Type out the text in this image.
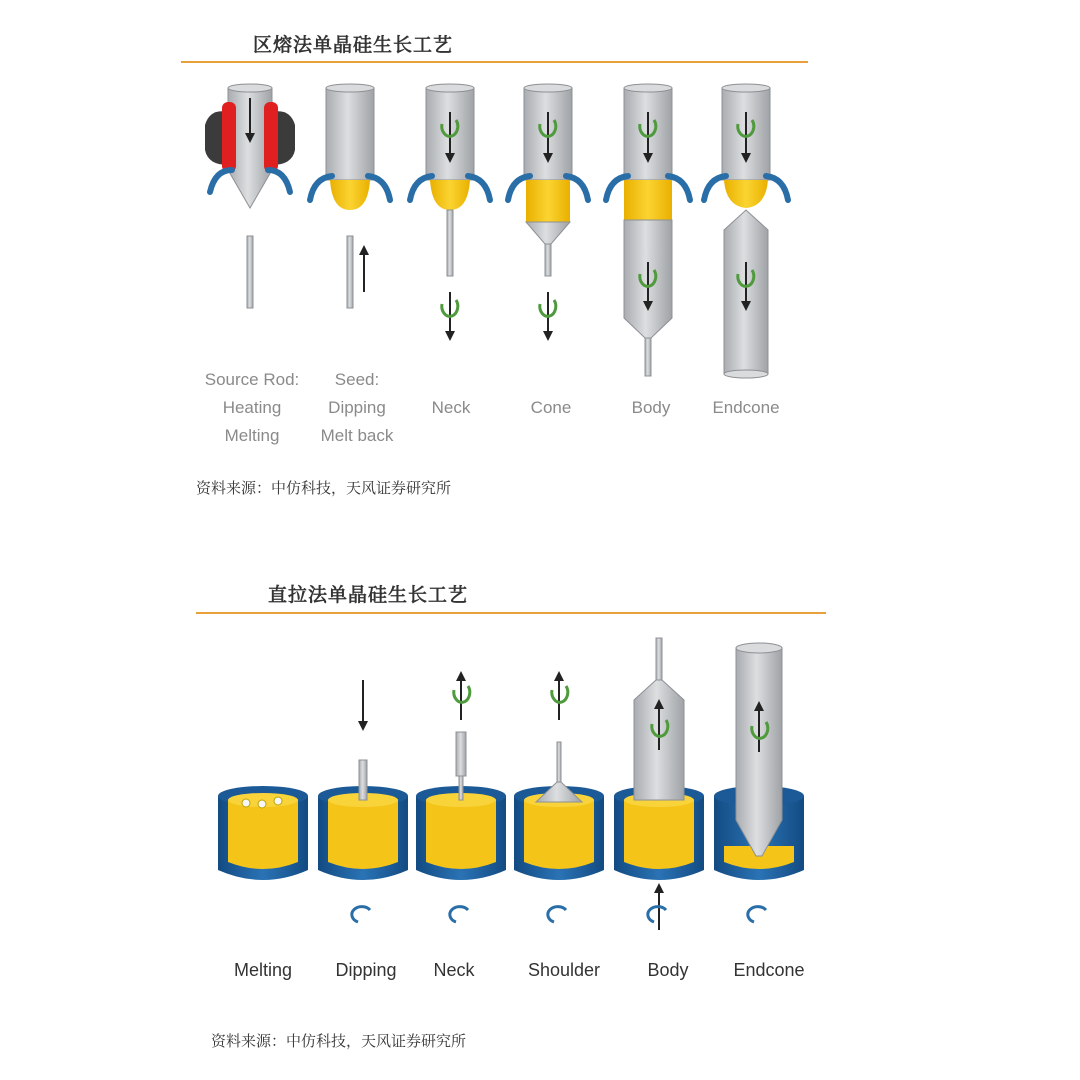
区熔法单晶硅生长工艺
Source Rod:
Heating
Melting
Seed:
Dipping
Melt back
Neck	Cone	Body Endcone
资料来源：中仿科技，天风证券研究所
直拉法单晶硅生长工艺
Melting Dipping Neck	Shoulder	Body Endcone
资料来源：中仿科技，天风证券研究所
